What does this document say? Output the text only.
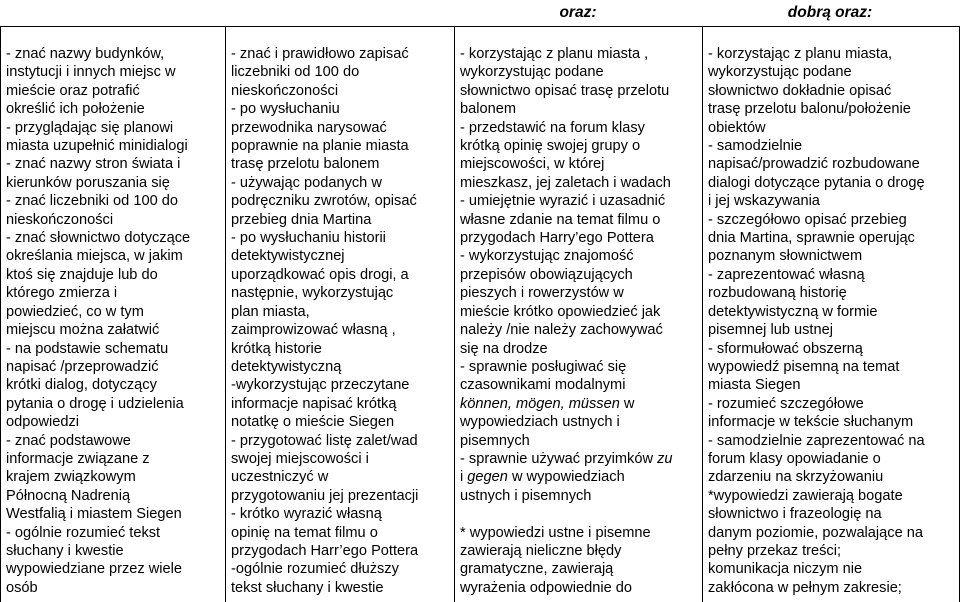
oraz:	dobrą oraz:
- znać nazwy budynków,
instytucji i innych miejsc w
mieście oraz potrafić
określić ich położenie
- przyglądając się planowi
miasta uzupełnić minidialogi
- znać nazwy stron świata i
kierunków poruszania się
- znać liczebniki od 100 do
nieskończoności
- znać słownictwo dotyczące
określania miejsca, w jakim
ktoś się znajduje lub do
którego zmierza i
powiedzieć, co w tym
miejscu można załatwić
- na podstawie schematu
napisać /przeprowadzić
krótki dialog, dotyczący
pytania o drogę i udzielenia
odpowiedzi
- znać podstawowe
informacje związane z
krajem związkowym
Północną Nadrenią
Westfalią i miastem Siegen
- ogólnie rozumieć tekst
słuchany i kwestie
wypowiedziane przez wiele
osób
- znać i prawidłowo zapisać
liczebniki od 100 do
nieskończoności
- po wysłuchaniu
przewodnika narysować
poprawnie na planie miasta
trasę przelotu balonem
- używając podanych w
podręczniku zwrotów, opisać
przebieg dnia Martina
- po wysłuchaniu historii
detektywistycznej
uporządkować opis drogi, a
następnie, wykorzystując
plan miasta,
zaimprowizować własną ,
krótką historie
detektywistyczną
-wykorzystując przeczytane
informacje napisać krótką
notatkę o mieście Siegen
- przygotować listę zalet/wad
swojej miejscowości i
uczestniczyć w
przygotowaniu jej prezentacji
- krótko wyrazić własną
opinię na temat filmu o
przygodach Harr’ego Pottera
-ogólnie rozumieć dłuższy
tekst słuchany i kwestie
- korzystając z planu miasta ,
wykorzystując podane
słownictwo opisać trasę przelotu
balonem
- przedstawić na forum klasy
krótką opinię swojej grupy o
miejscowości, w której
mieszkasz, jej zaletach i wadach
- umiejętnie wyrazić i uzasadnić
własne zdanie na temat filmu o
przygodach Harry’ego Pottera
- wykorzystując znajomość
przepisów obowiązujących
pieszych i rowerzystów w
mieście krótko opowiedzieć jak
należy /nie należy zachowywać
się na drodze
- sprawnie posługiwać się
czasownikami modalnymi
können, mögen, müssen w
wypowiedziach ustnych i
pisemnych
- sprawnie używać przyimków zu
i gegen w wypowiedziach
ustnych i pisemnych

* wypowiedzi ustne i pisemne
zawierają nieliczne błędy
gramatyczne, zawierają
wyrażenia odpowiednie do
- korzystając z planu miasta,
wykorzystując podane
słownictwo dokładnie opisać
trasę przelotu balonu/położenie
obiektów
- samodzielnie
napisać/prowadzić rozbudowane
dialogi dotyczące pytania o drogę
i jej wskazywania
- szczegółowo opisać przebieg
dnia Martina, sprawnie operując
poznanym słownictwem
- zaprezentować własną
rozbudowaną historię
detektywistyczną w formie
pisemnej lub ustnej
- sformułować obszerną
wypowiedź pisemną na temat
miasta Siegen
- rozumieć szczegółowe
informacje w tekście słuchanym
- samodzielnie zaprezentować na
forum klasy opowiadanie o
zdarzeniu na skrzyżowaniu
*wypowiedzi zawierają bogate
słownictwo i frazeologię na
danym poziomie, pozwalające na
pełny przekaz treści;
komunikacja niczym nie
zakłócona w pełnym zakresie;
